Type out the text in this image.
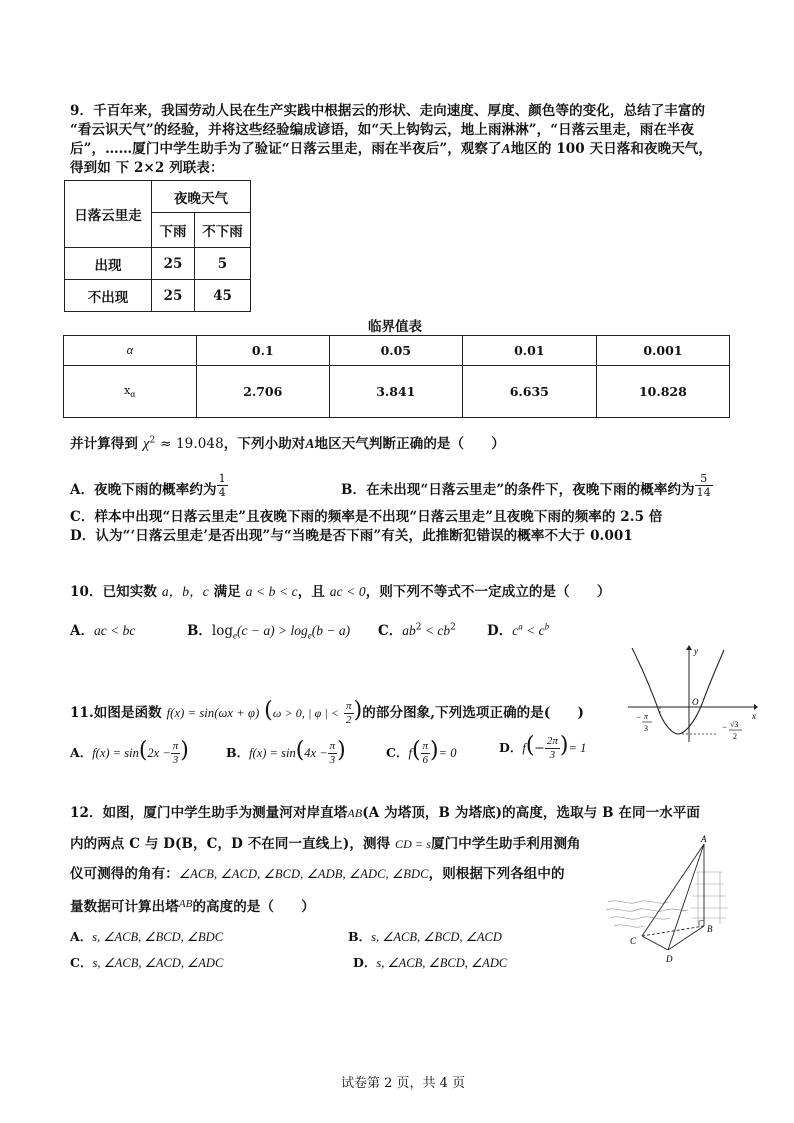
9．千百年来，我国劳动人民在生产实践中根据云的形状、走向速度、厚度、颜色等的变化，总结了丰富的
“看云识天气”的经验，并将这些经验编成谚语，如“天上钩钩云，地上雨淋淋”，“日落云里走，雨在半夜
后”，……厦门中学生助手为了验证“日落云里走，雨在半夜后”，观察了A地区的 100 天日落和夜晚天气，
得到如 下 2×2 列联表：
日落云里走	夜晚天气	
	下雨	不下雨
出现	25	5
不出现	25	45
临界值表
α	0.1	0.05	0.01	0.001
$x_\alpha$	2.706	3.841	6.635	10.828
并计算得到 $\chi^2 \approx 19.048$，下列小助对A地区天气判断正确的是（　　）
A．夜晚下雨的概率约为 $\frac{1}{4}$	B．在未出现“日落云里走”的条件下，夜晚下雨的概率约为 $\frac{5}{14}$
C．样本中出现“日落云里走”且夜晚下雨的频率是不出现“日落云里走”且夜晚下雨的频率的 2.5 倍
D．认为“‘日落云里走’是否出现”与“当晚是否下雨”有关，此推断犯错误的概率不大于 0.001
10．已知实数 a，b，c 满足 a < b < c，且 ac < 0，则下列不等式不一定成立的是（　　）
A．ac < bc	B．$\log_e(c - a) > \log_e(b - a)$ C．$ab^2 < cb^2$ D．$c^a < c^b$
11.如图是函数 f(x) = sin(ωx + φ) (ω > 0, | φ | < $\frac{\pi}{2}$ )的部分图象,下列选项正确的是(　　)
A．$f(x) = \sin(2x - \frac{\pi}{3}$ )	B．$f(x) = \sin(4x - \frac{\pi}{3}$ )	C．$f( \frac{\pi}{6}$ )= 0	D．$f(- \frac{2\pi}{3}$ )= 1
y
x
O
− π
3	− √3
2
12．如图，厦门中学生助手为测量河对岸直塔AB(A 为塔顶，B 为塔底)的高度，选取与 B 在同一水平面
内的两点 C 与 D(B，C，D 不在同一直线上)，测得 CD = s厦门中学生助手利用测角
仪可测得的角有：∠ACB, ∠ACD, ∠BCD, ∠ADB, ∠ADC, ∠BDC，则根据下列各组中的
量数据可计算出塔$^{AB}$的高度的是（　　）
A．s, ∠ACB, ∠BCD, ∠BDC	B．s, ∠ACB, ∠BCD, ∠ACD
C．s, ∠ACB, ∠ACD, ∠ADC	D．s, ∠ACB, ∠BCD, ∠ADC
A
B
C
D
试卷第 2 页，共 4 页
